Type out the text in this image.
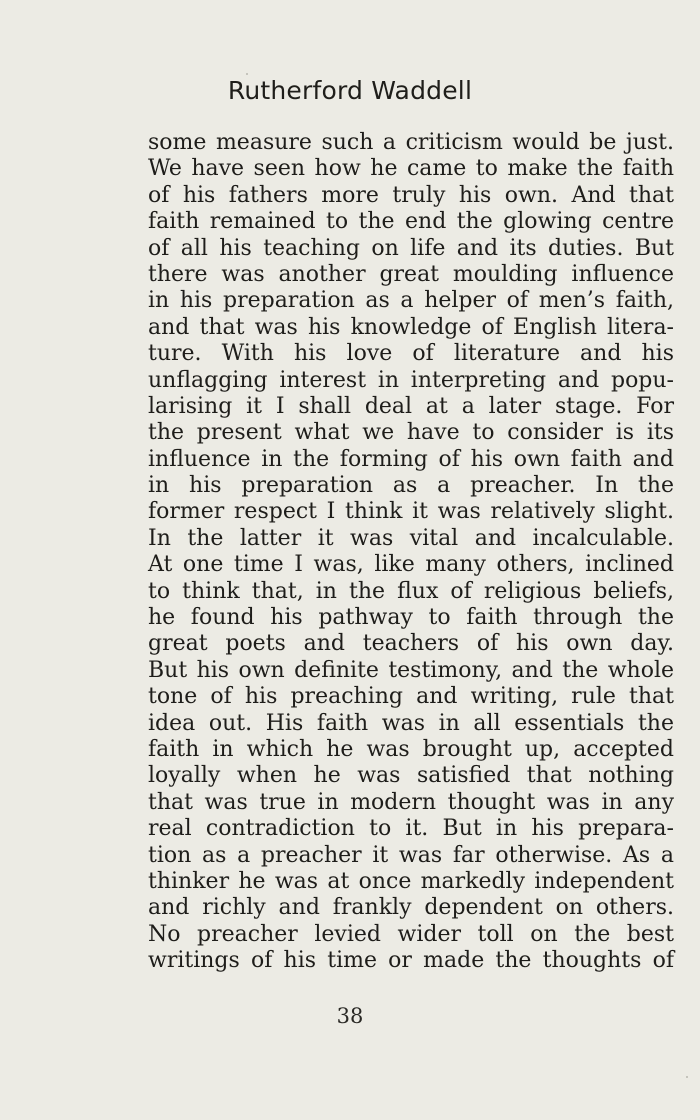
Rutherford Waddell
some measure such a criticism would be just.
We have seen how he came to make the faith
of his fathers more truly his own. And that
faith remained to the end the glowing centre
of all his teaching on life and its duties. But
there was another great moulding influence
in his preparation as a helper of men’s faith,
and that was his knowledge of English litera-
ture. With his love of literature and his
unflagging interest in interpreting and popu-
larising it I shall deal at a later stage. For
the present what we have to consider is its
influence in the forming of his own faith and
in his preparation as a preacher. In the
former respect I think it was relatively slight.
In the latter it was vital and incalculable.
At one time I was, like many others, inclined
to think that, in the flux of religious beliefs,
he found his pathway to faith through the
great poets and teachers of his own day.
But his own definite testimony, and the whole
tone of his preaching and writing, rule that
idea out. His faith was in all essentials the
faith in which he was brought up, accepted
loyally when he was satisfied that nothing
that was true in modern thought was in any
real contradiction to it. But in his prepara-
tion as a preacher it was far otherwise. As a
thinker he was at once markedly independent
and richly and frankly dependent on others.
No preacher levied wider toll on the best
writings of his time or made the thoughts of
38
